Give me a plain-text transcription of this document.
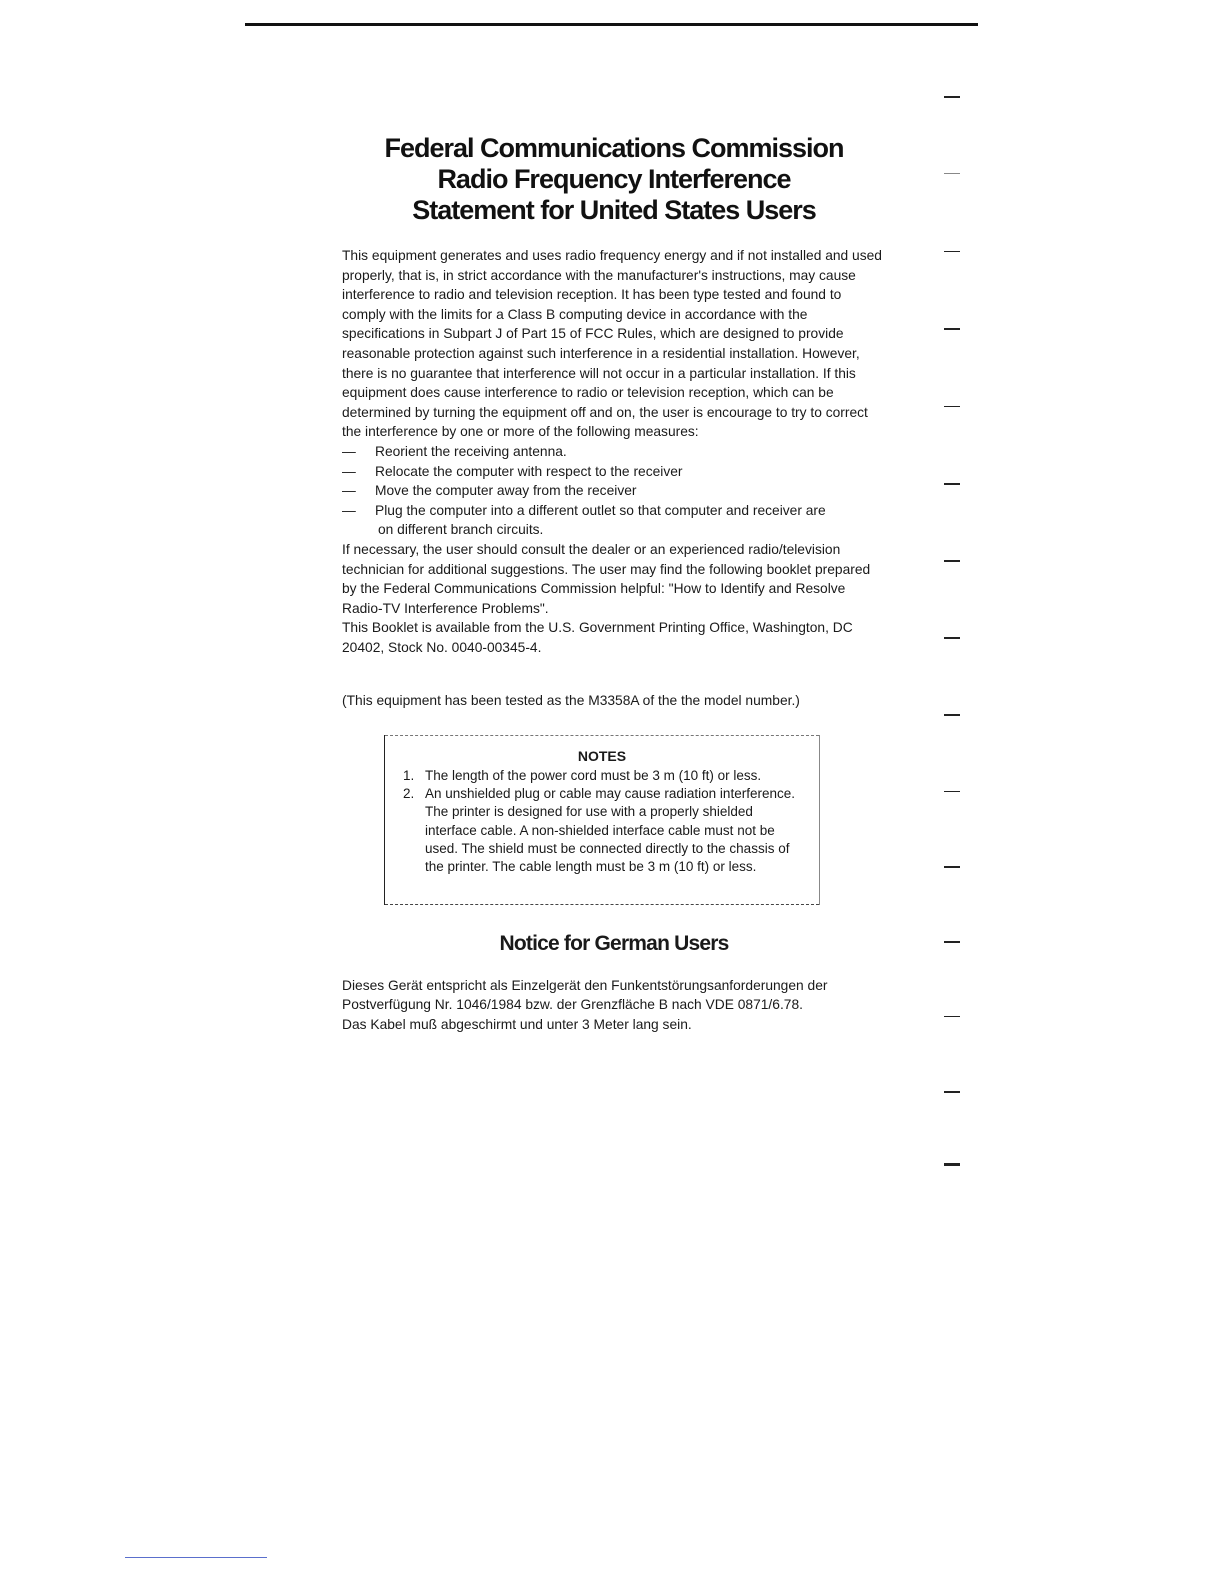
Federal Communications Commission
Radio Frequency Interference
Statement for United States Users

This equipment generates and uses radio frequency energy and if not installed and used properly, that is, in strict accordance with the manufacturer's instructions, may cause interference to radio and television reception. It has been type tested and found to comply with the limits for a Class B computing device in accordance with the specifications in Subpart J of Part 15 of FCC Rules, which are designed to provide reasonable protection against such interference in a residential installation. However, there is no guarantee that interference will not occur in a particular installation. If this equipment does cause interference to radio or television reception, which can be determined by turning the equipment off and on, the user is encourage to try to correct the interference by one or more of the following measures:

— Reorient the receiving antenna.
— Relocate the computer with respect to the receiver
— Move the computer away from the receiver
— Plug the computer into a different outlet so that computer and receiver are
on different branch circuits.

If necessary, the user should consult the dealer or an experienced radio/television technician for additional suggestions. The user may find the following booklet prepared by the Federal Communications Commission helpful: "How to Identify and Resolve Radio-TV Interference Problems".

This Booklet is available from the U.S. Government Printing Office, Washington, DC 20402, Stock No. 0040-00345-4.

(This equipment has been tested as the M3358A of the the model number.)
NOTES
1. The length of the power cord must be 3 m (10 ft) or less.
2. An unshielded plug or cable may cause radiation interference. The printer is designed for use with a properly shielded interface cable. A non-shielded interface cable must not be used. The shield must be connected directly to the chassis of the printer. The cable length must be 3 m (10 ft) or less.
Notice for German Users

Dieses Gerät entspricht als Einzelgerät den Funkentstörungsanforderungen der Postverfügung Nr. 1046/1984 bzw. der Grenzfläche B nach VDE 0871/6.78.

Das Kabel muß abgeschirmt und unter 3 Meter lang sein.
